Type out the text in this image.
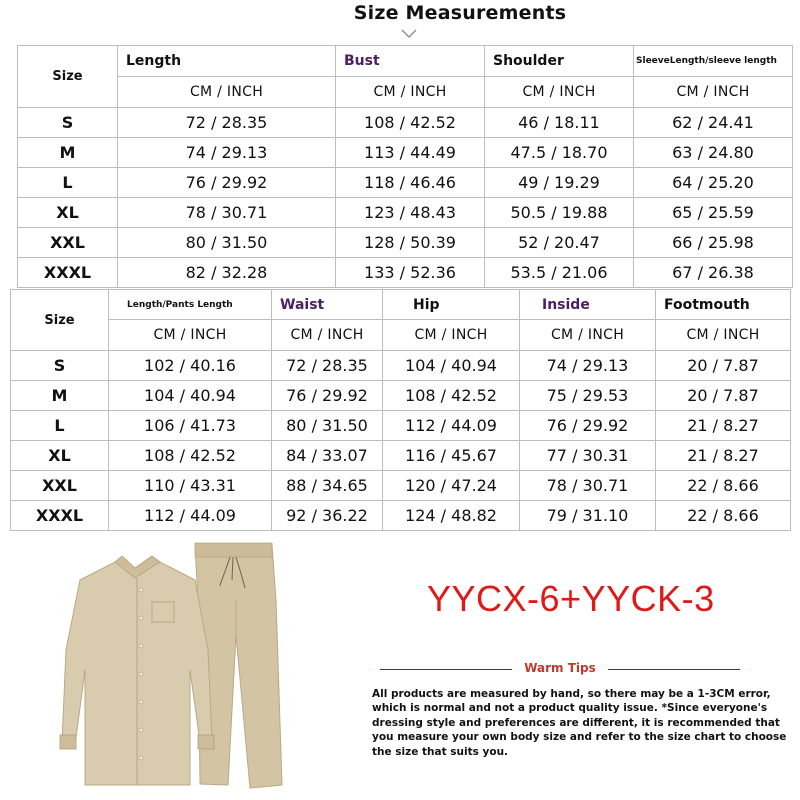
Size Measurements
Size	Length	Bust	Shoulder	SleeveLength/sleeve length
	CM / INCH	CM / INCH	CM / INCH	CM / INCH
S	72 / 28.35	108 / 42.52	46 / 18.11	62 / 24.41
M	74 / 29.13	113 / 44.49	47.5 / 18.70	63 / 24.80
L	76 / 29.92	118 / 46.46	49 / 19.29	64 / 25.20
XL	78 / 30.71	123 / 48.43	50.5 / 19.88	65 / 25.59
XXL	80 / 31.50	128 / 50.39	52 / 20.47	66 / 25.98
XXXL	82 / 32.28	133 / 52.36	53.5 / 21.06	67 / 26.38
Size	Length/Pants Length	Waist	Hip	Inside	Footmouth
	CM / INCH	CM / INCH	CM / INCH	CM / INCH	CM / INCH
S	102 / 40.16	72 / 28.35	104 / 40.94	74 / 29.13	20 / 7.87
M	104 / 40.94	76 / 29.92	108 / 42.52	75 / 29.53	20 / 7.87
L	106 / 41.73	80 / 31.50	112 / 44.09	76 / 29.92	21 / 8.27
XL	108 / 42.52	84 / 33.07	116 / 45.67	77 / 30.31	21 / 8.27
XXL	110 / 43.31	88 / 34.65	120 / 47.24	78 / 30.71	22 / 8.66
XXXL	112 / 44.09	92 / 36.22	124 / 48.82	79 / 31.10	22 / 8.66
YYCX-6+YYCK-3
Warm Tips
All products are measured by hand, so there may be a 1-3CM error, which is normal and not a product quality issue. *Since everyone's dressing style and preferences are different, it is recommended that you measure your own body size and refer to the size chart to choose the size that suits you.
